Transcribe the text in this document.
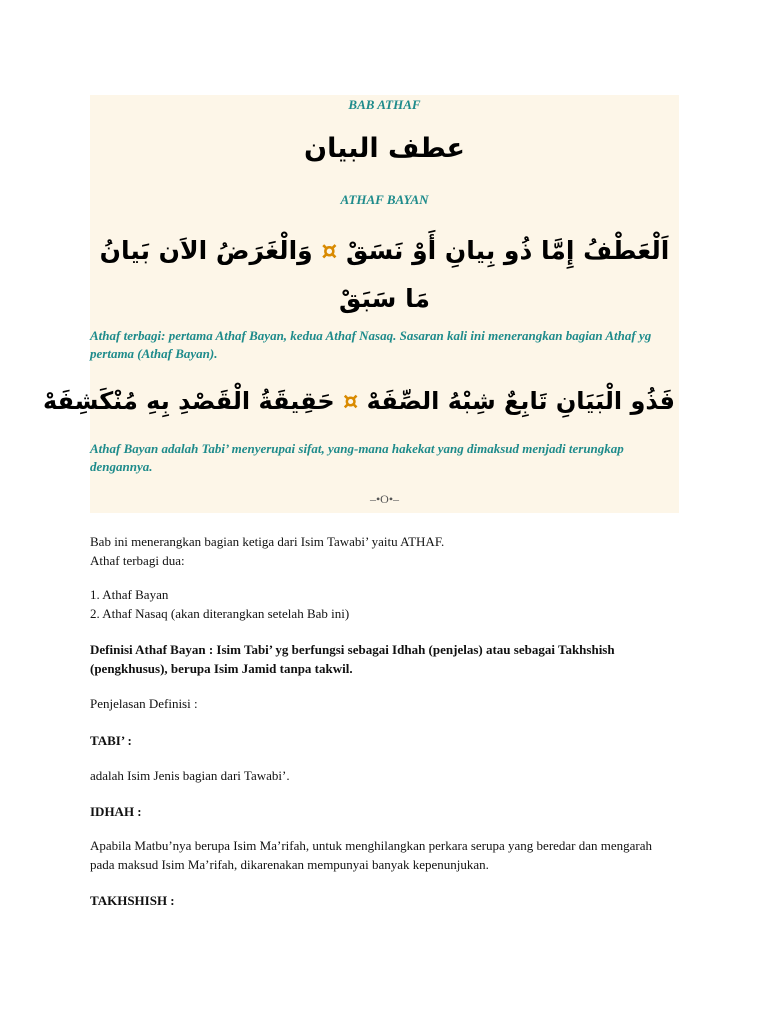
BAB ATHAF
عطف البيان
ATHAF BAYAN
اَلْعَطْفُ إِمَّا ذُو بِيانِ أَوْ نَسَقْ ¤ وَالْغَرَضُ الاَن بَيانُ مَا سَبَقْ
Athaf terbagi: pertama Athaf Bayan, kedua Athaf Nasaq. Sasaran kali ini menerangkan bagian Athaf yg pertama (Athaf Bayan).
فَذُو الْبَيَانِ تَابِعٌ شِبْهُ الصِّفَهْ ¤ حَقِيقَةُ الْقَصْدِ بِهِ مُنْكَشِفَهْ
Athaf Bayan adalah Tabi’ menyerupai sifat, yang-mana hakekat yang dimaksud menjadi terungkap dengannya.
–•O•–
Bab ini menerangkan bagian ketiga dari Isim Tawabi’ yaitu ATHAF.
Athaf terbagi dua:
1. Athaf Bayan
2. Athaf Nasaq (akan diterangkan setelah Bab ini)
Definisi Athaf Bayan : Isim Tabi’ yg berfungsi sebagai Idhah (penjelas) atau sebagai Takhshish (pengkhusus), berupa Isim Jamid tanpa takwil.
Penjelasan Definisi :
TABI’ :
adalah Isim Jenis bagian dari Tawabi’.
IDHAH :
Apabila Matbu’nya berupa Isim Ma’rifah, untuk menghilangkan perkara serupa yang beredar dan mengarah pada maksud Isim Ma’rifah, dikarenakan mempunyai banyak kepenunjukan.
TAKHSHISH :
